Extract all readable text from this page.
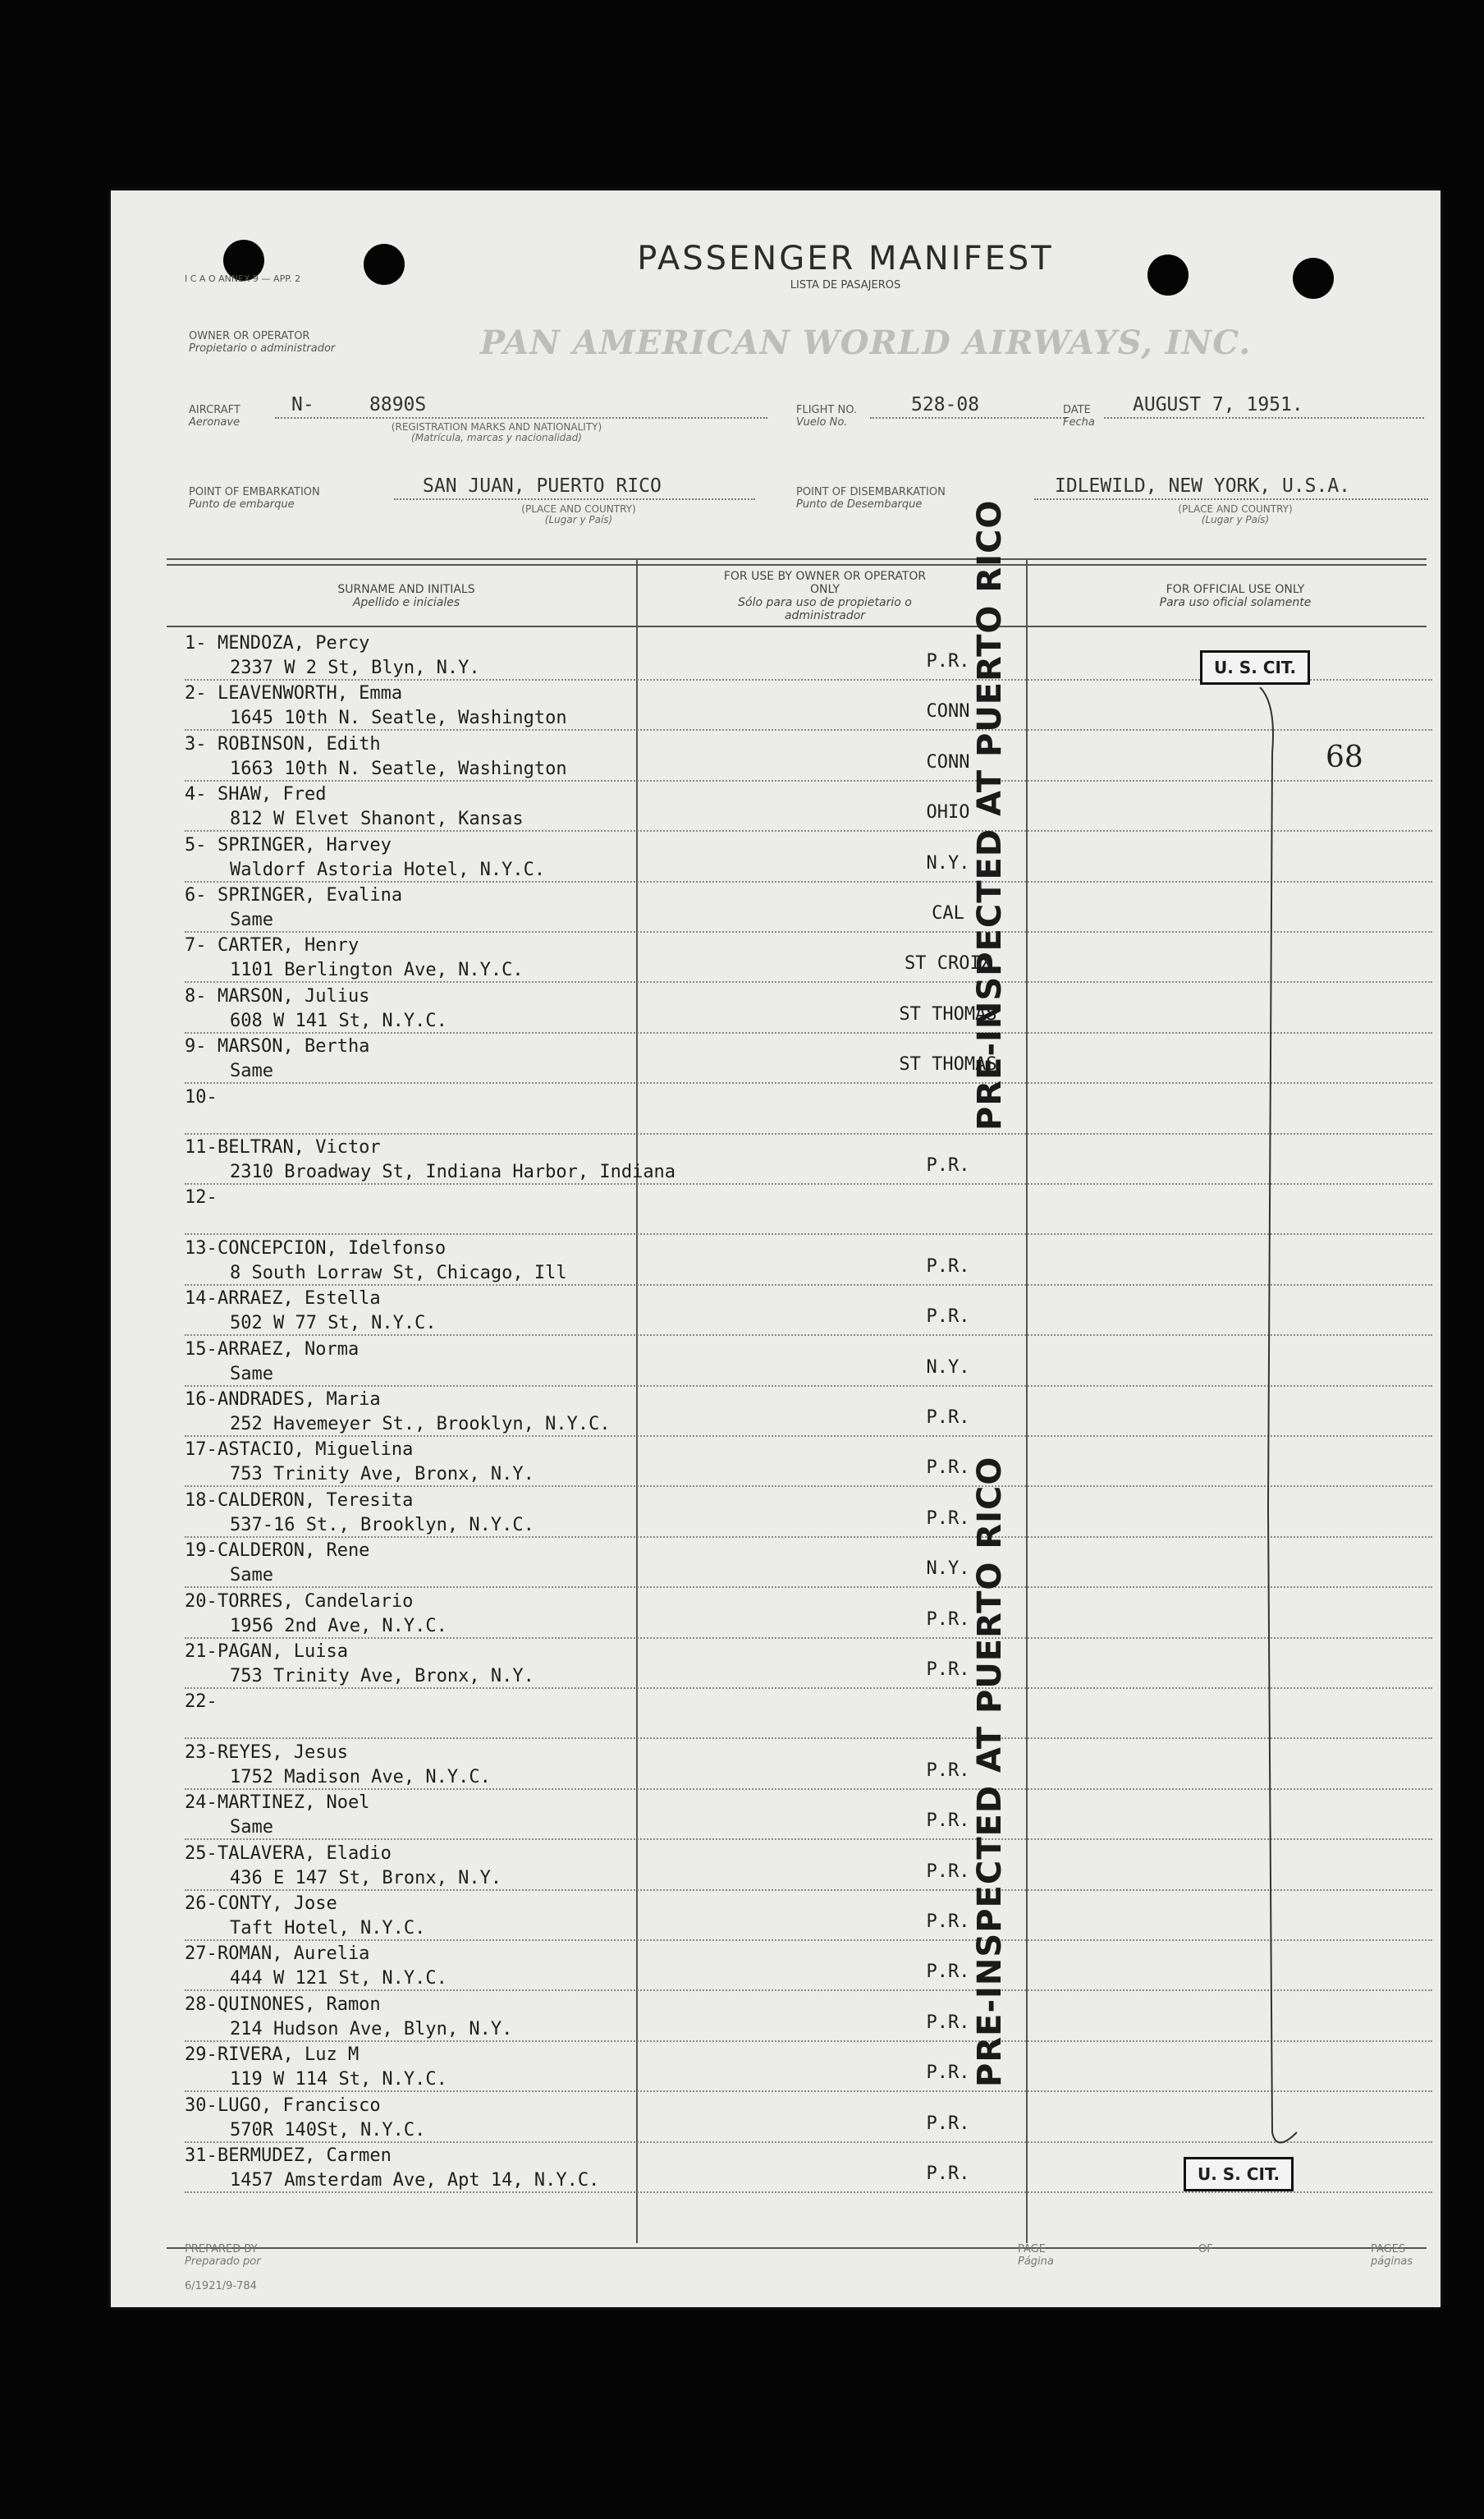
I C A O ANNEX 9 — APP. 2
PASSENGER MANIFEST
LISTA DE PASAJEROS
OWNER OR OPERATOR
Propietario o administrador	PAN AMERICAN WORLD AIRWAYS, INC.
AIRCRAFT
Aeronave
N-	8890S
(REGISTRATION MARKS AND NATIONALITY)
(Matrícula, marcas y nacionalidad)
FLIGHT NO.
Vuelo No.
528-08	DATE
Fecha
AUGUST 7, 1951.
POINT OF EMBARKATION
Punto de embarque
SAN JUAN, PUERTO RICO
(PLACE AND COUNTRY)
(Lugar y País)
POINT OF DISEMBARKATION
Punto de Desembarque
IDLEWILD, NEW YORK, U.S.A.
(PLACE AND COUNTRY)
(Lugar y País)
SURNAME AND INITIALS
Apellido e iniciales
FOR USE BY OWNER OR OPERATOR ONLY
Sólo para uso de propietario o administrador
FOR OFFICIAL USE ONLY
Para uso oficial solamente
1- MENDOZA, Percy
2337 W 2 St, Blyn, N.Y.	P.R.
2- LEAVENWORTH, Emma
1645 10th N. Seatle, Washington	CONN
3- ROBINSON, Edith
1663 10th N. Seatle, Washington	CONN
4- SHAW, Fred
812 W Elvet Shanont, Kansas	OHIO
5- SPRINGER, Harvey
Waldorf Astoria Hotel, N.Y.C.	N.Y.
6- SPRINGER, Evalina
Same	CAL
7- CARTER, Henry
1101 Berlington Ave, N.Y.C.	ST CROIX
8- MARSON, Julius
608 W 141 St, N.Y.C.	ST THOMAS
9- MARSON, Bertha
Same	ST THOMAS
10-
11- BELTRAN, Victor
2310 Broadway St, Indiana Harbor, Indiana	P.R.
12-
13- CONCEPCION, Idelfonso
8 South Lorraw St, Chicago, Ill	P.R.
14- ARRAEZ, Estella
502 W 77 St, N.Y.C.	P.R.
15- ARRAEZ, Norma
Same	N.Y.
16- ANDRADES, Maria
252 Havemeyer St., Brooklyn, N.Y.C.	P.R.
17- ASTACIO, Miguelina
753 Trinity Ave, Bronx, N.Y.	P.R.
18- CALDERON, Teresita
537-16 St., Brooklyn, N.Y.C.	P.R.
19- CALDERON, Rene
Same	N.Y.
20- TORRES, Candelario
1956 2nd Ave, N.Y.C.	P.R.
21- PAGAN, Luisa
753 Trinity Ave, Bronx, N.Y.	P.R.
22-
23- REYES, Jesus
1752 Madison Ave, N.Y.C.	P.R.
24- MARTINEZ, Noel
Same	P.R.
25- TALAVERA, Eladio
436 E 147 St, Bronx, N.Y.	P.R.
26- CONTY, Jose
Taft Hotel, N.Y.C.	P.R.
27- ROMAN, Aurelia
444 W 121 St, N.Y.C.	P.R.
28- QUINONES, Ramon
214 Hudson Ave, Blyn, N.Y.	P.R.
29- RIVERA, Luz M
119 W 114 St, N.Y.C.	P.R.
30- LUGO, Francisco
570R 140St, N.Y.C.	P.R.
31- BERMUDEZ, Carmen
1457 Amsterdam Ave, Apt 14, N.Y.C.	P.R.
PRE-INSPECTED AT PUERTO RICO
PRE-INSPECTED AT PUERTO RICO
U. S. CIT.
U. S. CIT.
68
PREPARED BY
Preparado por
6/1921/9-784
PAGE
Página
OF	PAGES
páginas
